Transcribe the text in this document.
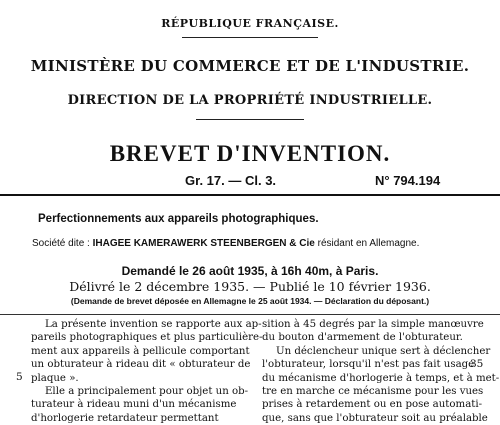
RÉPUBLIQUE FRANÇAISE.
MINISTÈRE DU COMMERCE ET DE L'INDUSTRIE.
DIRECTION DE LA PROPRIÉTÉ INDUSTRIELLE.
BREVET D'INVENTION.
Gr. 17. — Cl. 3.	N° 794.194
Perfectionnements aux appareils photographiques.
Société dite : IHAGEE KAMERAWERK STEENBERGEN & Cie résidant en Allemagne.
Demandé le 26 août 1935, à 16h 40m, à Paris.
Délivré le 2 décembre 1935. — Publié le 10 février 1936.
(Demande de brevet déposée en Allemagne le 25 août 1934. — Déclaration du déposant.)

La présente invention se rapporte aux ap-

pareils photographiques et plus particulière-

ment aux appareils à pellicule comportant

un obturateur à rideau dit « obturateur de

plaque ».

Elle a principalement pour objet un ob-

turateur à rideau muni d'un mécanisme

d'horlogerie retardateur permettant

sition à 45 degrés par la simple manœuvre

du bouton d'armement de l'obturateur.

Un déclencheur unique sert à déclencher

l'obturateur, lorsqu'il n'est pas fait usage

du mécanisme d'horlogerie à temps, et à met-

tre en marche ce mécanisme pour les vues

prises à retardement ou en pose automati-

que, sans que l'obturateur soit au préalable

5
35
